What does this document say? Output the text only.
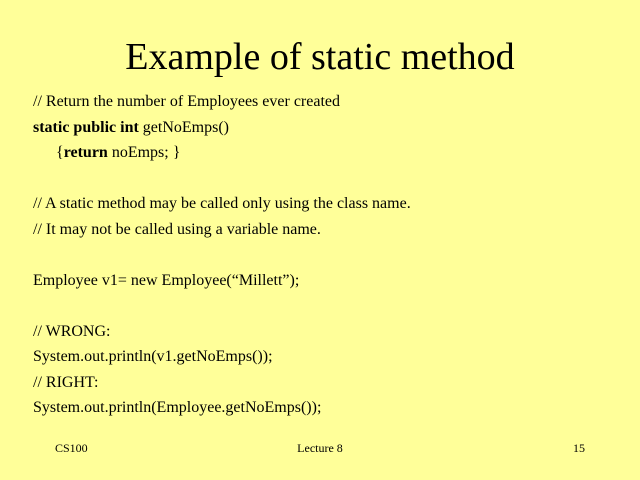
Example of static method
// Return the number of Employees ever created
static public int getNoEmps()
{return noEmps; }
// A static method may be called only using the class name.
// It may not be called using a variable name.
Employee v1= new Employee(“Millett”);
// WRONG:
System.out.println(v1.getNoEmps());
// RIGHT:
System.out.println(Employee.getNoEmps());
CS100	Lecture 8	15
